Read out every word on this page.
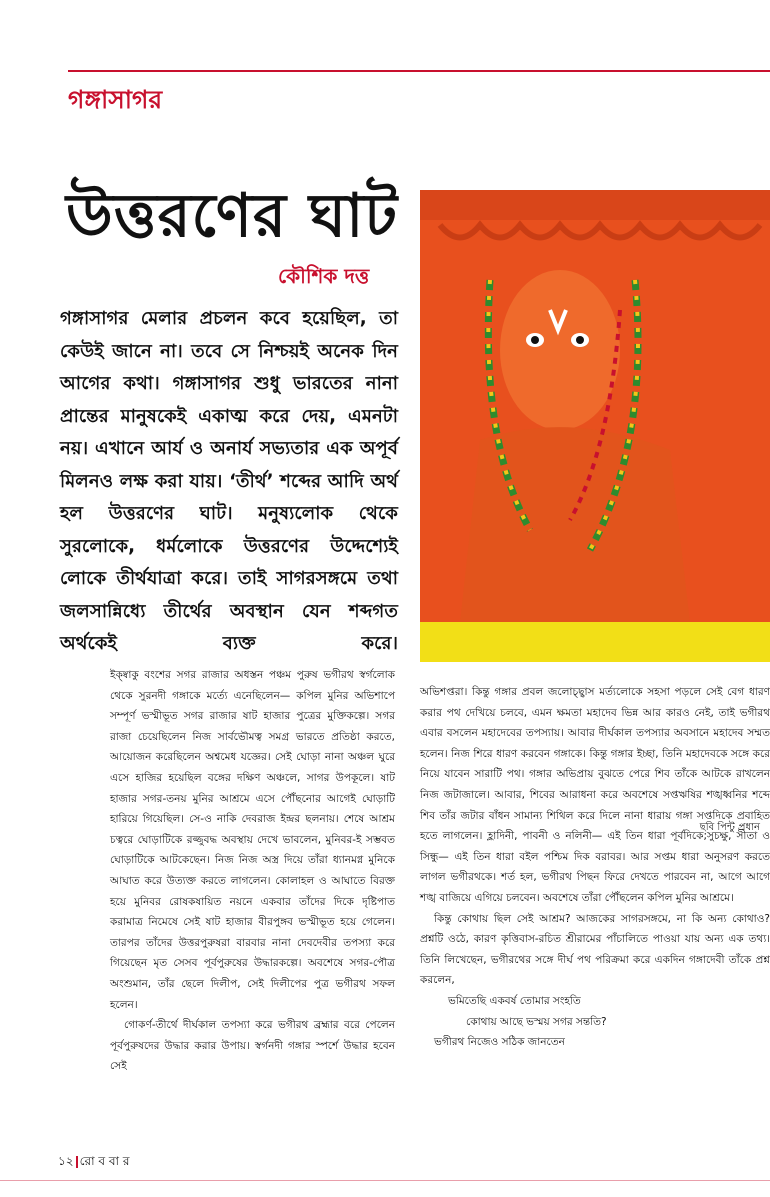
গঙ্গাসাগর
উত্তরণের ঘাট
কৌশিক দত্ত
গঙ্গাসাগর মেলার প্রচলন কবে হয়েছিল, তা কেউই জানে না। তবে সে নিশ্চয়ই অনেক দিন আগের কথা। গঙ্গাসাগর শুধু ভারতের নানা প্রান্তের মানুষকেই একাত্ম করে দেয়, এমনটা নয়। এখানে আর্য ও অনার্য সভ্যতার এক অপূর্ব মিলনও লক্ষ করা যায়। ‘তীর্থ’ শব্দের আদি অর্থ হল উত্তরণের ঘাট। মনুষ্যলোক থেকে সুরলোকে, ধর্মলোকে উত্তরণের উদ্দেশ্যেই লোকে তীর্থযাত্রা করে। তাই সাগরসঙ্গমে তথা জলসান্নিধ্যে তীর্থের অবস্থান যেন শব্দগত অর্থকেই ব্যক্ত করে।
ছবি পিন্টু প্রধান

ইক্ষ্বাকু বংশের সগর রাজার অধস্তন পঞ্চম পুরুষ ভগীরথ স্বর্গলোক থেকে সুরনদী গঙ্গাকে মর্ত্যে এনেছিলেন— কপিল মুনির অভিশাপে সম্পূর্ণ ভস্মীভূত সগর রাজার ষাট হাজার পুত্রের মুক্তিকল্পে। সগর রাজা চেয়েছিলেন নিজ সার্বভৌমত্ব সমগ্র ভারতে প্রতিষ্ঠা করতে, আয়োজন করেছিলেন অশ্বমেধ যজ্ঞের। সেই ঘোড়া নানা অঞ্চল ঘুরে এসে হাজির হয়েছিল বঙ্গের দক্ষিণ অঞ্চলে, সাগর উপকূলে। ষাট হাজার সগর-তনয় মুনির আশ্রমে এসে পৌঁছনোর আগেই ঘোড়াটি হারিয়ে গিয়েছিল। সে-ও নাকি দেবরাজ ইন্দ্রর ছলনায়। শেষে আশ্রম চত্বরে ঘোড়াটিকে রজ্জুবদ্ধ অবস্থায় দেখে ভাবলেন, মুনিবর-ই সম্ভবত ঘোড়াটিকে আটকেছেন। নিজ নিজ অস্ত্র দিয়ে তাঁরা ধ্যানমগ্ন মুনিকে আঘাত করে উত্যক্ত করতে লাগলেন। কোলাহল ও আঘাতে বিরক্ত হয়ে মুনিবর রোষকষায়িত নয়নে একবার তাঁদের দিকে দৃষ্টিপাত করামাত্র নিমেষে সেই ষাট হাজার বীরপুঙ্গব ভস্মীভূত হয়ে গেলেন। তারপর তাঁদের উত্তরপুরুষরা বারবার নানা দেবদেবীর তপস্যা করে গিয়েছেন মৃত সেসব পূর্বপুরুষের উদ্ধারকল্পে। অবশেষে সগর-পৌত্র অংশুমান, তাঁর ছেলে দিলীপ, সেই দিলীপের পুত্র ভগীরথ সফল হলেন।

গোকর্ণ-তীর্থে দীর্ঘকাল তপস্যা করে ভগীরথ ব্রহ্মার বরে পেলেন পূর্বপুরুষদের উদ্ধার করার উপায়। স্বর্গনদী গঙ্গার স্পর্শে উদ্ধার হবেন সেই

অভিশপ্তরা। কিন্তু গঙ্গার প্রবল জলোচ্ছ্বাস মর্ত্যলোকে সহসা পড়লে সেই বেগ ধারণ করার পথ দেখিয়ে চলবে, এমন ক্ষমতা মহাদেব ভিন্ন আর কারও নেই, তাই ভগীরথ এবার বসলেন মহাদেবের তপস্যায়। আবার দীর্ঘকাল তপস্যার অবসানে মহাদেব সম্মত হলেন। নিজ শিরে ধারণ করবেন গঙ্গাকে। কিন্তু গঙ্গার ইচ্ছা, তিনি মহাদেবকে সঙ্গে করে নিয়ে যাবেন সারাটি পথ। গঙ্গার অভিপ্রায় বুঝতে পেরে শিব তাঁকে আটকে রাখলেন নিজ জটাজালে। আবার, শিবের আরাধনা করে অবশেষে সপ্তঋষির শঙ্খধ্বনির শব্দে শিব তাঁর জটার বাঁধন সামান্য শিথিল করে দিলে নানা ধারায় গঙ্গা সপ্তদিকে প্রবাহিত হতে লাগলেন। হ্লাদিনী, পাবনী ও নলিনী— এই তিন ধারা পূর্বদিকে;সুচক্ষু, সীতা ও সিন্ধু— এই তিন ধারা বইল পশ্চিম দিক বরাবর। আর সপ্তম ধারা অনুসরণ করতে লাগল ভগীরথকে। শর্ত হল, ভগীরথ পিছন ফিরে দেখতে পারবেন না, আগে আগে শঙ্খ বাজিয়ে এগিয়ে চলবেন। অবশেষে তাঁরা পৌঁছলেন কপিল মুনির আশ্রমে।

কিন্তু কোথায় ছিল সেই আশ্রম? আজকের সাগরসঙ্গমে, না কি অন্য কোথাও? প্রশ্নটি ওঠে, কারণ কৃত্তিবাস-রচিত শ্রীরামের পাঁচালিতে পাওয়া যায় অন্য এক তথ্য। তিনি লিখেছেন, ভগীরথের সঙ্গে দীর্ঘ পথ পরিক্রমা করে একদিন গঙ্গাদেবী তাঁকে প্রশ্ন করলেন,

ভমিতেছি একবর্ষ তোমার সংহতি

কোথায় আছে ভস্ময় সগর সন্ততি?

ভগীরথ নিজেও সঠিক জানতেন

১২ রো ব বা র
